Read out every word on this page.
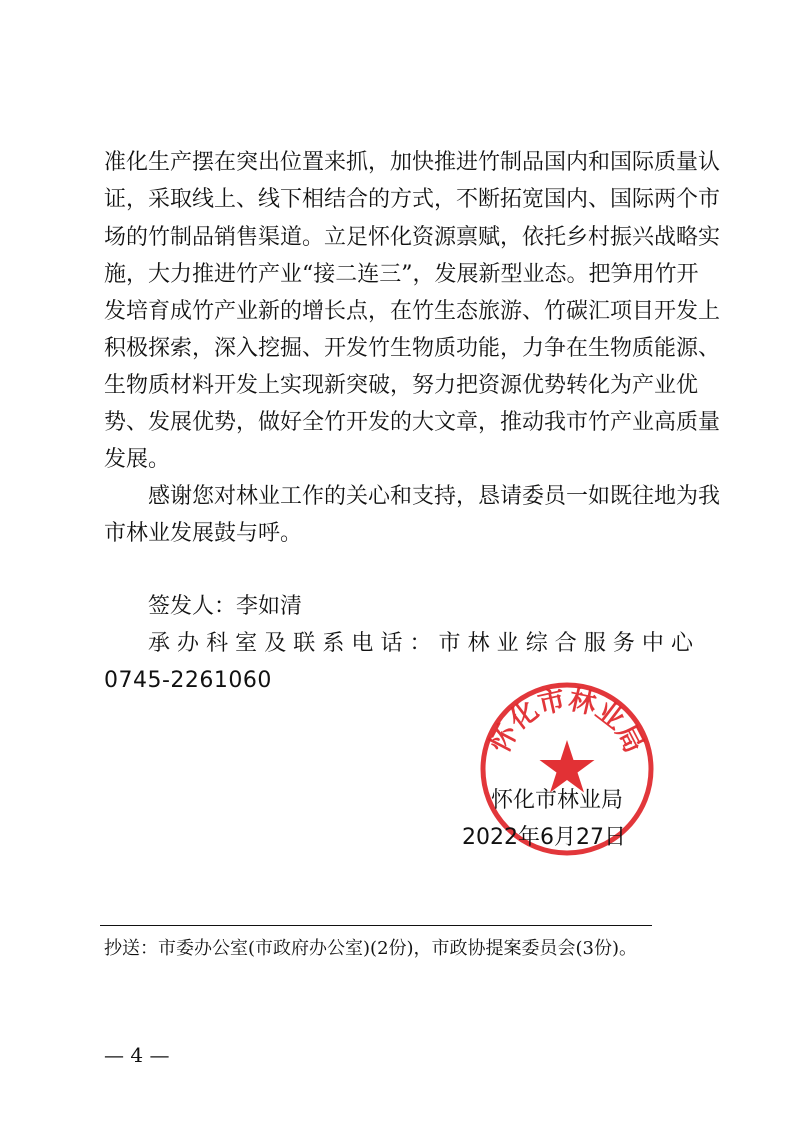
准化生产摆在突出位置来抓，加快推进竹制品国内和国际质量认
证，采取线上、线下相结合的方式，不断拓宽国内、国际两个市
场的竹制品销售渠道。立足怀化资源禀赋，依托乡村振兴战略实
施，大力推进竹产业“接二连三”，发展新型业态。把笋用竹开
发培育成竹产业新的增长点，在竹生态旅游、竹碳汇项目开发上
积极探索，深入挖掘、开发竹生物质功能，力争在生物质能源、
生物质材料开发上实现新突破，努力把资源优势转化为产业优
势、发展优势，做好全竹开发的大文章，推动我市竹产业高质量
发展。
感谢您对林业工作的关心和支持，恳请委员一如既往地为我
市林业发展鼓与呼。
签发人：李如清
承办科室及联系电话：市林业综合服务中心
0745-2261060
怀化市林业局
怀化市林业局
2022年6月27日
抄送：市委办公室(市政府办公室)(2份)，市政协提案委员会(3份)。
— 4 —
